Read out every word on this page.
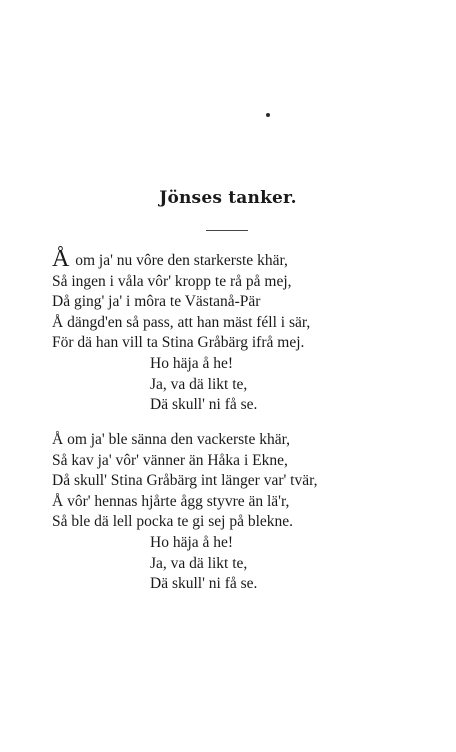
Jönses tanker.
Å om ja' nu vôre den starkerste khär,
Så ingen i våla vôr' kropp te rå på mej,
Då ging' ja' i môra te Västanå-Pär
Å dängd'en så pass, att han mäst féll i sär,
För dä han vill ta Stina Gråbärg ifrå mej.
Ho häja å he!
Ja, va dä likt te,
Dä skull' ni få se.
Å om ja' ble sänna den vackerste khär,
Så kav ja' vôr' vänner än Håka i Ekne,
Då skull' Stina Gråbärg int länger var' tvär,
Å vôr' hennas hjårte ågg styvre än lä'r,
Så ble dä lell pocka te gi sej på blekne.
Ho häja å he!
Ja, va dä likt te,
Dä skull' ni få se.
